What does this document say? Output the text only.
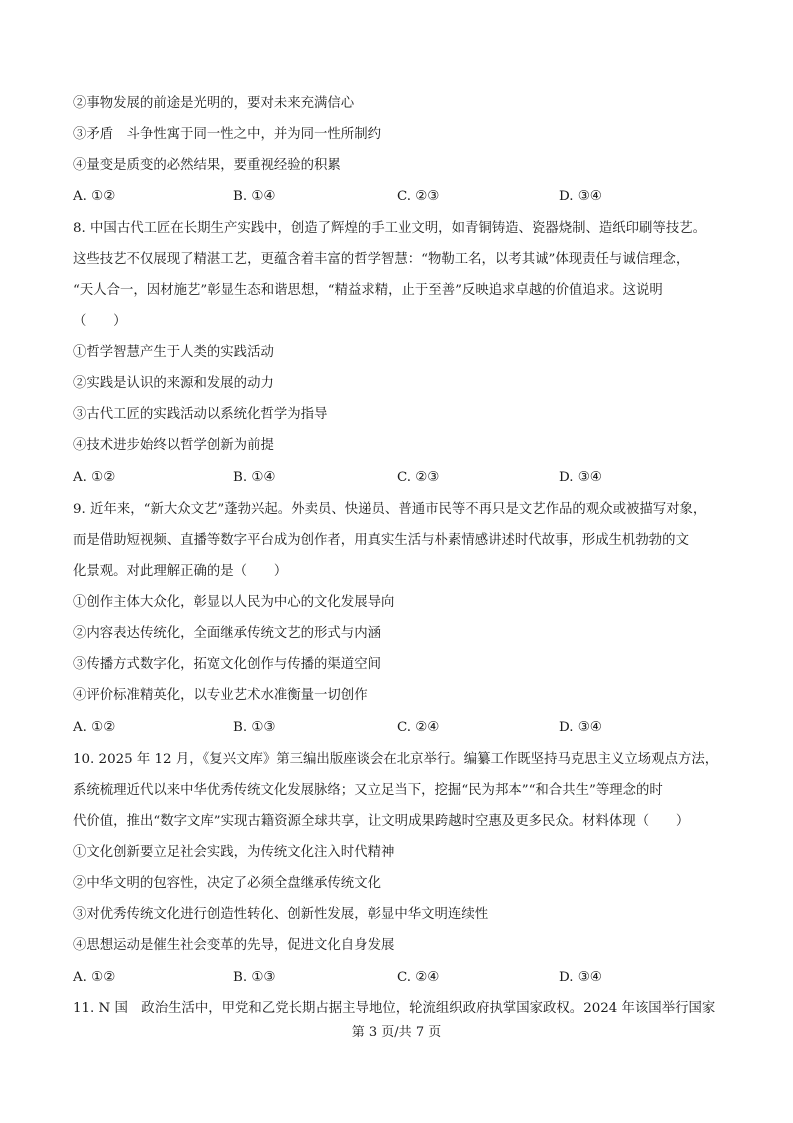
②事物发展的前途是光明的，要对未来充满信心
③矛盾　斗争性寓于同一性之中，并为同一性所制约
④量变是质变的必然结果，要重视经验的积累
A. ①②	B. ①④	C. ②③	D. ③④
8. 中国古代工匠在长期生产实践中，创造了辉煌的手工业文明，如青铜铸造、瓷器烧制、造纸印刷等技艺。
这些技艺不仅展现了精湛工艺，更蕴含着丰富的哲学智慧：“物勒工名，以考其诚”体现责任与诚信理念，
“天人合一，因材施艺”彰显生态和谐思想，“精益求精，止于至善”反映追求卓越的价值追求。这说明
（　　）
①哲学智慧产生于人类的实践活动
②实践是认识的来源和发展的动力
③古代工匠的实践活动以系统化哲学为指导
④技术进步始终以哲学创新为前提
A. ①②	B. ①④	C. ②③	D. ③④
9. 近年来，“新大众文艺”蓬勃兴起。外卖员、快递员、普通市民等不再只是文艺作品的观众或被描写对象，
而是借助短视频、直播等数字平台成为创作者，用真实生活与朴素情感讲述时代故事，形成生机勃勃的文
化景观。对此理解正确的是（　　）
①创作主体大众化，彰显以人民为中心的文化发展导向
②内容表达传统化，全面继承传统文艺的形式与内涵
③传播方式数字化，拓宽文化创作与传播的渠道空间
④评价标准精英化，以专业艺术水准衡量一切创作
A. ①②	B. ①③	C. ②④	D. ③④
10. 2025 年 12 月，《复兴文库》第三编出版座谈会在北京举行。编纂工作既坚持马克思主义立场观点方法，
系统梳理近代以来中华优秀传统文化发展脉络；又立足当下，挖掘“民为邦本”“和合共生”等理念的时
代价值，推出“数字文库”实现古籍资源全球共享，让文明成果跨越时空惠及更多民众。材料体现（　　）
①文化创新要立足社会实践，为传统文化注入时代精神
②中华文明的包容性，决定了必须全盘继承传统文化
③对优秀传统文化进行创造性转化、创新性发展，彰显中华文明连续性
④思想运动是催生社会变革的先导，促进文化自身发展
A. ①②	B. ①③	C. ②④	D. ③④
11. N 国　政治生活中，甲党和乙党长期占据主导地位，轮流组织政府执掌国家政权。2024 年该国举行国家
第 3 页/共 7 页
